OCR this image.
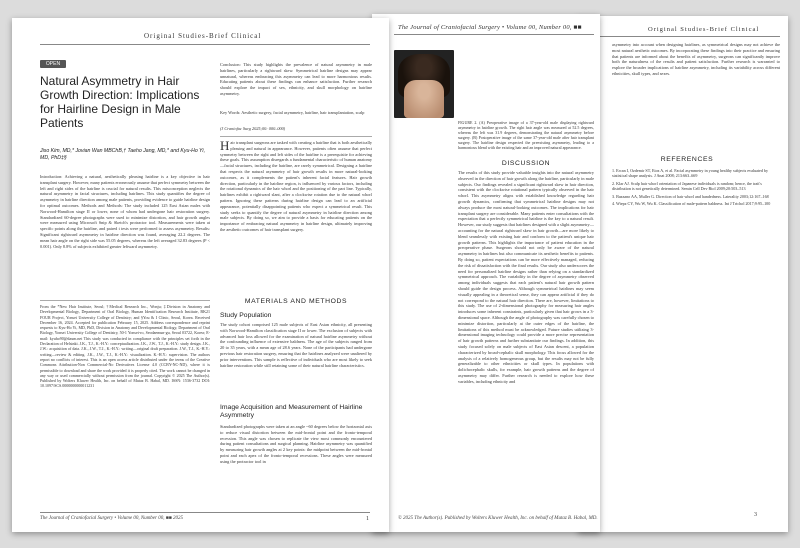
Original Studies-Brief Clinical
asymmetry into account when designing hairlines, as symmetrical designs may not achieve the most natural aesthetic outcomes. By incorporating these findings into their practice and ensuring that patients are informed about the benefits of asymmetry, surgeons can significantly improve both the naturalness of the results and patient satisfaction. Further research is warranted to explore the broader implications of hairline asymmetry, including its variability across different ethnicities, skull types, and sexes.
REFERENCES
1. Ercan I, Ozdemir ST, Etoz A, et al. Facial asymmetry in young healthy subjects evaluated by statistical shape analysis. J Anat 2008; 213:663–669
2. Klar AJ. Scalp hair whorl orientation of Japanese individuals is random; hence, the trait's distribution is not genetically determined. Semin Cell Dev Biol 2009;20:503–513
3. Bazzano AA, Muller G. Direction of hair whorl and handedness. Laterality 2003;12:167–168
4. Wiepz CY, Wu W, Wu K. Classification of male-pattern baldness. Int J Trichol 2017;9:95–100
3
The Journal of Craniofacial Surgery • Volume 00, Number 00, ■■
FIGURE 2. (A) Preoperative image of a 37-year-old male displaying rightward asymmetry in hairline growth. The right hair angle was measured at 52.5 degrees, whereas the left was 31.9 degrees, demonstrating the natural asymmetry before surgery. (B) Postoperative image of the same 37-year-old male after hair transplant surgery. The hairline design respected the preexisting asymmetry, leading to a harmonious blend with the existing hair and an improved natural appearance.
DISCUSSION
The results of this study provide valuable insights into the natural asymmetry observed in the direction of hair growth along the hairline, particularly in male subjects. Our findings revealed a significant rightward skew in hair direction, consistent with the clockwise rotational pattern typically observed in the hair whorl. This asymmetry aligns with established knowledge regarding hair growth dynamics, confirming that symmetrical hairline designs may not always produce the most natural-looking outcomes. The implications for hair transplant surgery are considerable. Many patients enter consultations with the expectation that a perfectly symmetrical hairline is the key to a natural result. However, our study suggests that hairlines designed with a slight asymmetry—accounting for the natural rightward skew in hair growth—are more likely to blend seamlessly with existing hair and conform to the patient's unique hair growth patterns. This highlights the importance of patient education in the preoperative phase. Surgeons should not only be aware of the natural asymmetry in hairlines but also communicate its aesthetic benefits to patients. By doing so, patient expectations can be more effectively managed, reducing the risk of dissatisfaction with the final results. Our study also underscores the need for personalized hairline designs rather than relying on a standardized symmetrical approach. The variability in the degree of asymmetry observed among individuals suggests that each patient's natural hair growth pattern should guide the design process. Although symmetrical hairlines may seem visually appealing in a theoretical sense, they can appear artificial if they do not correspond to the natural hair direction. There are, however, limitations to this study. The use of 2-dimensional photography for measuring hair angles introduces some inherent constraints, particularly given that hair grows in a 3-dimensional space. Although the angle of photography was carefully chosen to minimize distortion, particularly at the outer edges of the hairline, the limitations of this method must be acknowledged. Future studies utilizing 3-dimensional imaging technology could provide a more precise representation of hair growth patterns and further substantiate our findings. In addition, this study focused solely on male subjects of East Asian descent, a population characterized by broad-cephalic skull morphology. This focus allowed for the analysis of a relatively homogeneous group, but the results may not be fully generalizable to other ethnicities or skull types. In populations with dolichocephalic skulls, for example, hair growth patterns and the degree of asymmetry may differ. Further research is needed to explore how these variables, including ethnicity and
© 2025 The Author(s). Published by Wolters Kluwer Health, Inc. on behalf of Mutaz B. Habal, MD.
Original Studies-Brief Clinical
OPEN
Natural Asymmetry in Hair Growth Direction: Implications for Hairline Design in Male Patients
Jiso Kim, MD,* Jovian Wan MBChB,† Taeho Jang, MD,* and Kyu-Ho Yi, MD, PhD‡§
Introduction: Achieving a natural, aesthetically pleasing hairline is a key objective in hair transplant surgery. However, many patients erroneously assume that perfect symmetry between the left and right sides of the hairline is crucial for natural results. This misconception neglects the natural asymmetry in facial structures, including hairlines. This study quantifies the degree of asymmetry in hairline direction among male patients, providing evidence to guide hairline design for optimal outcomes. Methods and Methods: The study included 125 East Asian males with Norwood-Hamilton stage II or lower, none of whom had undergone hair restoration surgery. Standardized 60-degree photographs were used to minimize distortion, and hair growth angles were measured using Microsoft Snip & Sketch's protractor tool. Measurements were taken at specific points along the hairline, and paired t tests were performed to assess asymmetry. Results: Significant rightward asymmetry in hairline direction was found, averaging 22.2 degrees. The mean hair angle on the right side was 55.05 degrees, whereas the left averaged 32.83 degrees (P < 0.001). Only 8.8% of subjects exhibited greater leftward asymmetry.
From the *New Hair Institute, Seoul; †Medical Research Inc., Wonju; ‡Division in Anatomy and Developmental Biology, Department of Oral Biology, Human Identification Research Institute, BK21 FOUR Project, Yonsei University College of Dentistry; and §You & I Clinic, Seoul, Korea. Received December 16, 2024. Accepted for publication February 15, 2025. Address correspondence and reprint requests to Kyu-Ho Yi, MD, PhD, Division in Anatomy and Developmental Biology, Department of Oral Biology, Yonsei University College of Dentistry, 50-1 Yonsei-ro, Seodaemun-gu, Seoul 03722, Korea; E-mail: kyuho90@daum.net This study was conducted in compliance with the principles set forth in the Declaration of Helsinki. J.K., T.J., K.-H.Y.: conceptualization. J.K., J.W., T.J., K.-H.Y.: study design. J.K., J.W.: acquisition of data. J.K., J.W., T.J., K.-H.Y.: writing—original draft preparation. J.W., T.J., K.-H.Y.: writing—review & editing. J.K., J.W., T.J., K.-H.Y.: visualization. K.-H.Y.: supervision. The authors report no conflicts of interest. This is an open access article distributed under the terms of the Creative Commons Attribution-Non Commercial-No Derivatives License 4.0 (CCBY-NC-ND), where it is permissible to download and share the work provided it is properly cited. The work cannot be changed in any way or used commercially without permission from the journal. Copyright © 2025 The Author(s). Published by Wolters Kluwer Health, Inc. on behalf of Mutaz B. Habal, MD. ISSN: 1536-3732 DOI: 10.1097/SCS.0000000000011231
Conclusion: This study highlights the prevalence of natural asymmetry in male hairlines, particularly a rightward skew. Symmetrical hairline designs may appear unnatural, whereas embracing this asymmetry can lead to more harmonious results. Educating patients about these findings can enhance satisfaction. Further research should explore the impact of sex, ethnicity, and skull morphology on hairline asymmetry.
Key Words: Aesthetic surgery, facial asymmetry, hairline, hair transplantation, scalp
(J Craniofac Surg 2025;00: 000–000)
Hair transplant surgeons are tasked with creating a hairline that is both aesthetically pleasing and natural in appearance. However, patients often assume that perfect symmetry between the right and left sides of the hairline is a prerequisite for achieving these goals. This assumption disregards a fundamental characteristic of human anatomy—facial structures, including the hairline, are rarely symmetrical. Designing a hairline that respects the natural asymmetry of hair growth results in more natural-looking outcomes, as it complements the patient's inherent facial features. Hair growth direction, particularly in the hairline region, is influenced by various factors, including the rotational dynamics of the hair whorl and the positioning of the part line. Typically, hairlines exhibit a rightward slant, after a clockwise rotation due to the natural whorl pattern. Ignoring these patterns during hairline design can lead to an artificial appearance, potentially disappointing patients who expect a symmetrical result. This study seeks to quantify the degree of natural asymmetry in hairline direction among male subjects. By doing so, we aim to provide a basis for educating patients on the importance of embracing natural asymmetry in hairline design, ultimately improving the aesthetic outcomes of hair transplant surgery.
MATERIALS AND METHODS
Study Population
The study cohort comprised 125 male subjects of East Asian ethnicity, all presenting with Norwood-Hamilton classification stage II or lower. The exclusion of subjects with advanced hair loss allowed for the examination of natural hairline asymmetry without the confounding influence of extensive baldness. The age of the subjects ranged from 20 to 35 years, with a mean age of 28.6 years. None of the participants had undergone previous hair restoration surgery, ensuring that the hairlines analyzed were unaltered by prior interventions. This sample is reflective of individuals who are most likely to seek hairline restoration while still retaining some of their natural hairline characteristics.
Image Acquisition and Measurement of Hairline Asymmetry
Standardized photographs were taken at an angle ~60 degrees below the horizontal axis to reduce visual distortion between the mid-frontal point and the fronto-temporal recession. This angle was chosen to replicate the view most commonly encountered during patient consultations and surgical planning. Hairline asymmetry was quantified by measuring hair growth angles at 2 key points: the midpoint between the mid-frontal point and each apex of the fronto-temporal recessions. These angles were measured using the protractor tool in
The Journal of Craniofacial Surgery • Volume 00, Number 00, ■■ 2025	1
